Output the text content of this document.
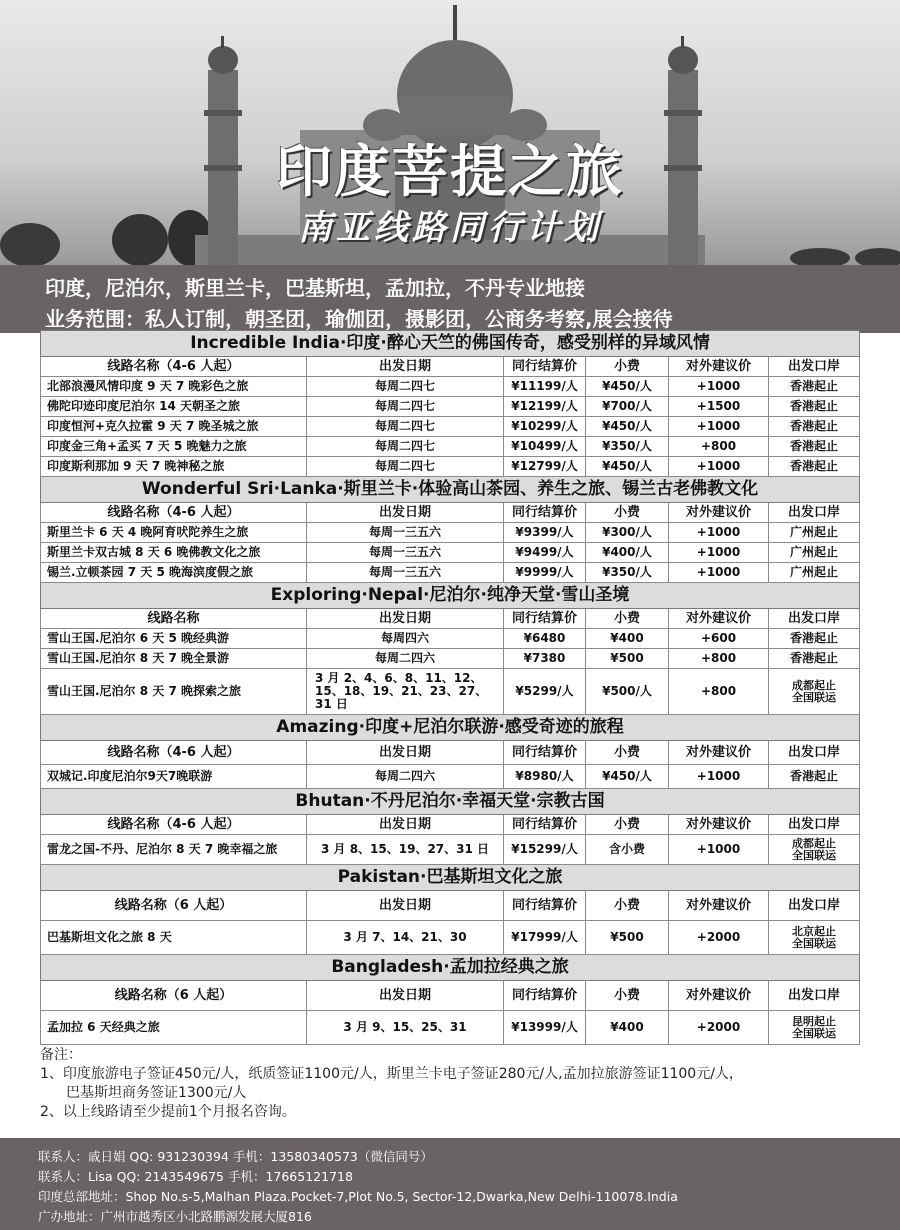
印度菩提之旅
南亚线路同行计划
印度，尼泊尔，斯里兰卡，巴基斯坦，孟加拉，不丹专业地接
业务范围：私人订制，朝圣团，瑜伽团，摄影团，公商务考察,展会接待
Incredible India·印度·醉心天竺的佛国传奇，感受别样的异域风情					
线路名称（4-6 人起）	出发日期	同行结算价	小费	对外建议价	出发口岸
北部浪漫风情印度 9 天 7 晚彩色之旅	每周二四七	¥11199/人	¥450/人	+1000	香港起止
佛陀印迹印度尼泊尔 14 天朝圣之旅	每周二四七	¥12199/人	¥700/人	+1500	香港起止
印度恒河+克久拉霍 9 天 7 晚圣城之旅	每周二四七	¥10299/人	¥450/人	+1000	香港起止
印度金三角+孟买 7 天 5 晚魅力之旅	每周二四七	¥10499/人	¥350/人	+800	香港起止
印度斯利那加 9 天 7 晚神秘之旅	每周二四七	¥12799/人	¥450/人	+1000	香港起止
Wonderful Sri·Lanka·斯里兰卡·体验高山茶园、养生之旅、锡兰古老佛教文化					
线路名称（4-6 人起）	出发日期	同行结算价	小费	对外建议价	出发口岸
斯里兰卡 6 天 4 晚阿育吠陀养生之旅	每周一三五六	¥9399/人	¥300/人	+1000	广州起止
斯里兰卡双古城 8 天 6 晚佛教文化之旅	每周一三五六	¥9499/人	¥400/人	+1000	广州起止
锡兰.立顿茶园 7 天 5 晚海滨度假之旅	每周一三五六	¥9999/人	¥350/人	+1000	广州起止
Exploring·Nepal·尼泊尔·纯净天堂·雪山圣境					
线路名称	出发日期	同行结算价	小费	对外建议价	出发口岸
雪山王国.尼泊尔 6 天 5 晚经典游	每周四六	¥6480	¥400	+600	香港起止
雪山王国.尼泊尔 8 天 7 晚全景游	每周二四六	¥7380	¥500	+800	香港起止
雪山王国.尼泊尔 8 天 7 晚探索之旅	3 月 2、4、6、8、11、12、
15、18、19、21、23、27、
31 日	¥5299/人	¥500/人	+800	成都起止
全国联运
Amazing·印度+尼泊尔联游·感受奇迹的旅程					
线路名称（4-6 人起）	出发日期	同行结算价	小费	对外建议价	出发口岸
双城记.印度尼泊尔9天7晚联游	每周二四六	¥8980/人	¥450/人	+1000	香港起止
Bhutan·不丹尼泊尔·幸福天堂·宗教古国					
线路名称（4-6 人起）	出发日期	同行结算价	小费	对外建议价	出发口岸
雷龙之国-不丹、尼泊尔 8 天 7 晚幸福之旅	3 月 8、15、19、27、31 日	¥15299/人	含小费	+1000	成都起止
全国联运
Pakistan·巴基斯坦文化之旅					
线路名称（6 人起）	出发日期	同行结算价	小费	对外建议价	出发口岸
巴基斯坦文化之旅 8 天	3 月 7、14、21、30	¥17999/人	¥500	+2000	北京起止
全国联运
Bangladesh·孟加拉经典之旅					
线路名称（6 人起）	出发日期	同行结算价	小费	对外建议价	出发口岸
孟加拉 6 天经典之旅	3 月 9、15、25、31	¥13999/人	¥400	+2000	昆明起止
全国联运
备注：
1、印度旅游电子签证450元/人，纸质签证1100元/人，斯里兰卡电子签证280元/人,孟加拉旅游签证1100元/人，
巴基斯坦商务签证1300元/人
2、以上线路请至少提前1个月报名咨询。
联系人：戚日娟 QQ: 931230394 手机：13580340573（微信同号）
联系人：Lisa QQ: 2143549675 手机：17665121718
印度总部地址：Shop No.s-5,Malhan Plaza.Pocket-7,Plot No.5, Sector-12,Dwarka,New Delhi-110078.India
广办地址：广州市越秀区小北路鹏源发展大厦816
